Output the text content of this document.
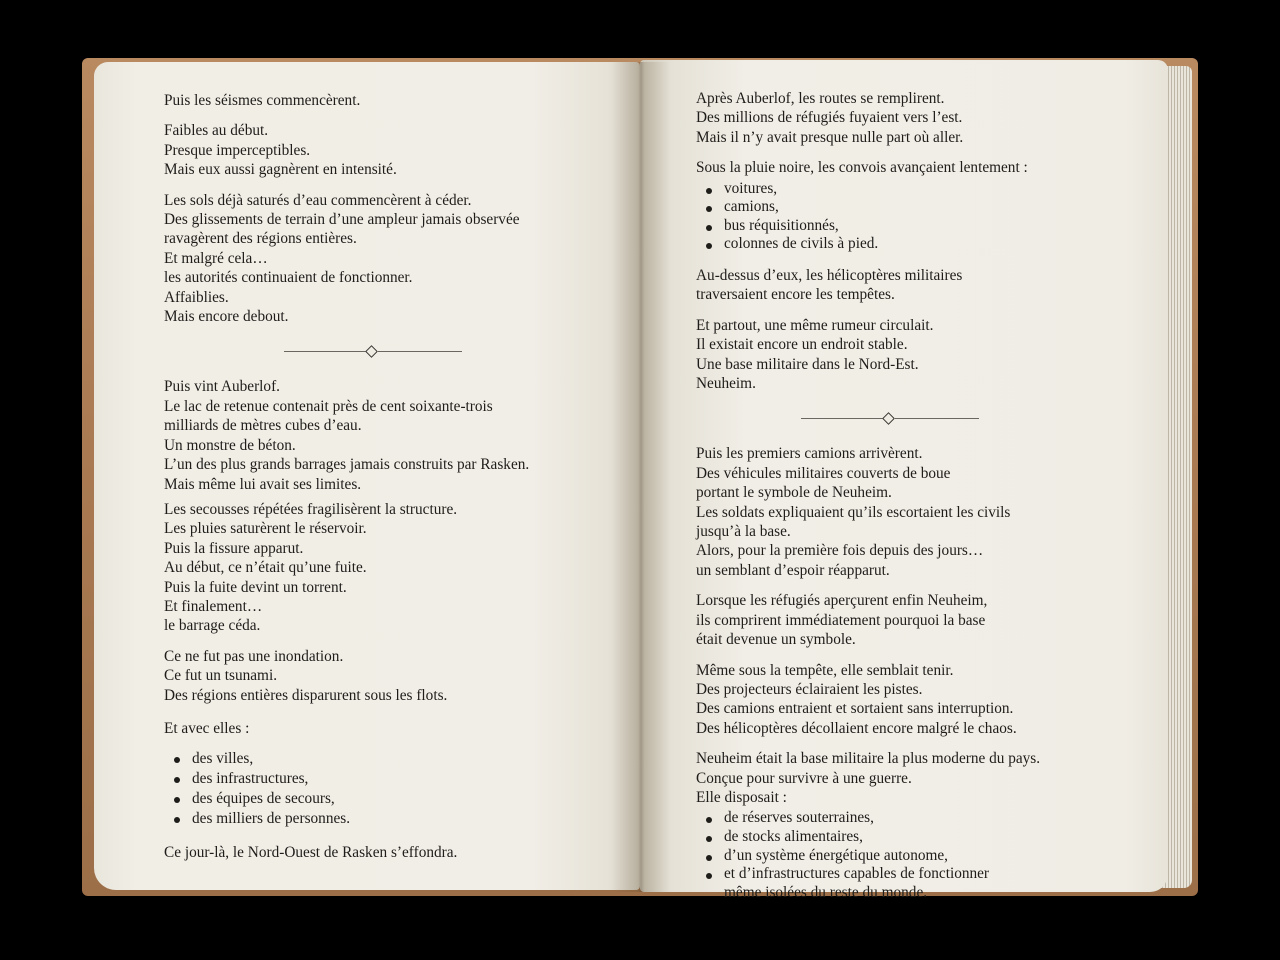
Puis les séismes commencèrent.

Faibles au début.
Presque imperceptibles.
Mais eux aussi gagnèrent en intensité.

Les sols déjà saturés d’eau commencèrent à céder.
Des glissements de terrain d’une ampleur jamais observée
ravagèrent des régions entières.
Et malgré cela…
les autorités continuaient de fonctionner.
Affaiblies.
Mais encore debout.

Puis vint Auberlof.
Le lac de retenue contenait près de cent soixante-trois
milliards de mètres cubes d’eau.
Un monstre de béton.
L’un des plus grands barrages jamais construits par Rasken.
Mais même lui avait ses limites.

Les secousses répétées fragilisèrent la structure.
Les pluies saturèrent le réservoir.
Puis la fissure apparut.
Au début, ce n’était qu’une fuite.
Puis la fuite devint un torrent.
Et finalement…
le barrage céda.

Ce ne fut pas une inondation.
Ce fut un tsunami.
Des régions entières disparurent sous les flots.

Et avec elles :

des villes,
des infrastructures,
des équipes de secours,
des milliers de personnes.

Ce jour-là, le Nord-Ouest de Rasken s’effondra.

Après Auberlof, les routes se remplirent.
Des millions de réfugiés fuyaient vers l’est.
Mais il n’y avait presque nulle part où aller.

Sous la pluie noire, les convois avançaient lentement :

voitures,
camions,
bus réquisitionnés,
colonnes de civils à pied.

Au-dessus d’eux, les hélicoptères militaires
traversaient encore les tempêtes.

Et partout, une même rumeur circulait.
Il existait encore un endroit stable.
Une base militaire dans le Nord-Est.
Neuheim.

Puis les premiers camions arrivèrent.
Des véhicules militaires couverts de boue
portant le symbole de Neuheim.
Les soldats expliquaient qu’ils escortaient les civils
jusqu’à la base.
Alors, pour la première fois depuis des jours…
un semblant d’espoir réapparut.

Lorsque les réfugiés aperçurent enfin Neuheim,
ils comprirent immédiatement pourquoi la base
était devenue un symbole.

Même sous la tempête, elle semblait tenir.
Des projecteurs éclairaient les pistes.
Des camions entraient et sortaient sans interruption.
Des hélicoptères décollaient encore malgré le chaos.

Neuheim était la base militaire la plus moderne du pays.
Conçue pour survivre à une guerre.
Elle disposait :

de réserves souterraines,
de stocks alimentaires,
d’un système énergétique autonome,
et d’infrastructures capables de fonctionner
même isolées du reste du monde.
